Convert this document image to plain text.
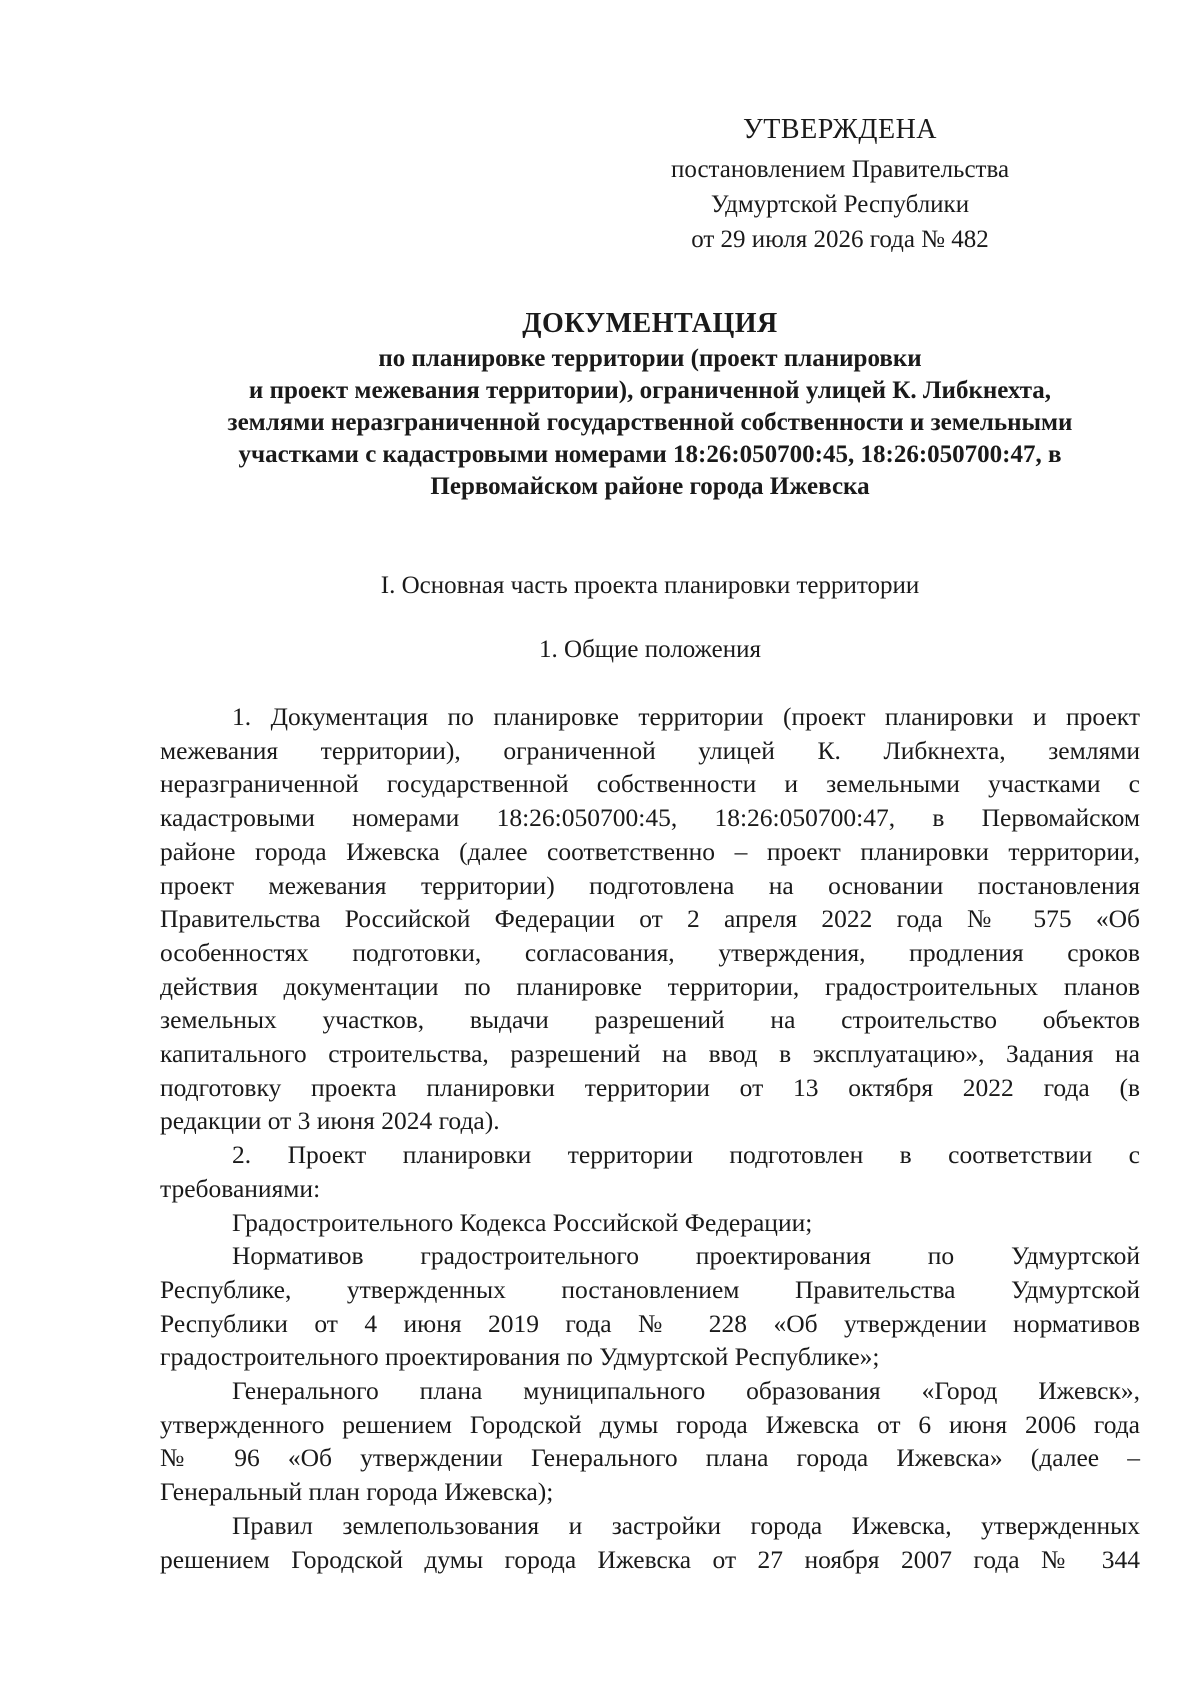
УТВЕРЖДЕНА
постановлением Правительства
Удмуртской Республики
от 29 июля 2026 года № 482
ДОКУМЕНТАЦИЯ
по планировке территории (проект планировки
и проект межевания территории), ограниченной улицей К. Либкнехта,
землями неразграниченной государственной собственности и земельными
участками с кадастровыми номерами 18:26:050700:45, 18:26:050700:47, в
Первомайском районе города Ижевска
I. Основная часть проекта планировки территории
1. Общие положения
1. Документация по планировке территории (проект планировки и проект
межевания территории), ограниченной улицей К. Либкнехта, землями
неразграниченной государственной собственности и земельными участками с
кадастровыми номерами 18:26:050700:45, 18:26:050700:47, в Первомайском
районе города Ижевска (далее соответственно – проект планировки территории,
проект межевания территории) подготовлена на основании постановления
Правительства Российской Федерации от 2 апреля 2022 года № 575 «Об
особенностях подготовки, согласования, утверждения, продления сроков
действия документации по планировке территории, градостроительных планов
земельных участков, выдачи разрешений на строительство объектов
капитального строительства, разрешений на ввод в эксплуатацию», Задания на
подготовку проекта планировки территории от 13 октября 2022 года (в
редакции от 3 июня 2024 года).
2. Проект планировки территории подготовлен в соответствии с
требованиями:
Градостроительного Кодекса Российской Федерации;
Нормативов градостроительного проектирования по Удмуртской
Республике, утвержденных постановлением Правительства Удмуртской
Республики от 4 июня 2019 года № 228 «Об утверждении нормативов
градостроительного проектирования по Удмуртской Республике»;
Генерального плана муниципального образования «Город Ижевск»,
утвержденного решением Городской думы города Ижевска от 6 июня 2006 года
№ 96 «Об утверждении Генерального плана города Ижевска» (далее –
Генеральный план города Ижевска);
Правил землепользования и застройки города Ижевска, утвержденных
решением Городской думы города Ижевска от 27 ноября 2007 года № 344
